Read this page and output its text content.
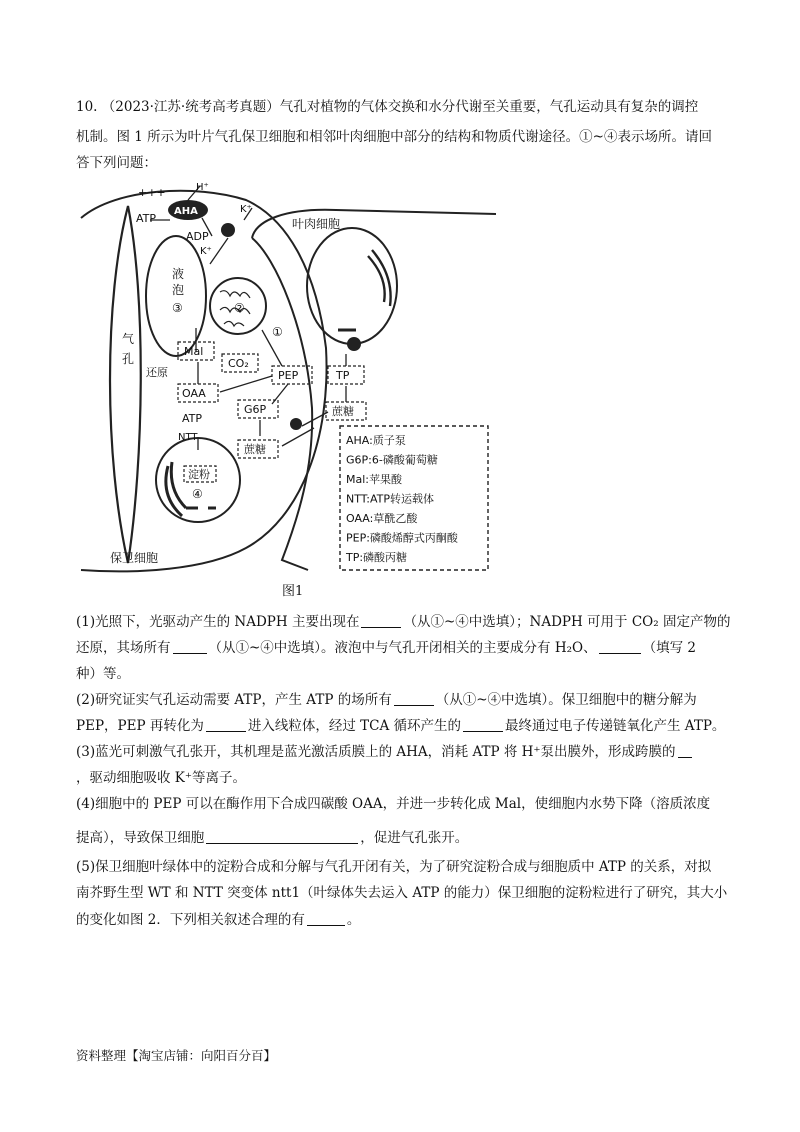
10. （2023·江苏·统考高考真题）气孔对植物的气体交换和水分代谢至关重要，气孔运动具有复杂的调控
机制。图 1 所示为叶片气孔保卫细胞和相邻叶肉细胞中部分的结构和物质代谢途径。①~④表示场所。请回
答下列问题：
叶肉细胞
保卫细胞
气
孔
液
泡
③
①
②
④
AHA
H⁺
K⁺
K⁺
+++
ATP
ADP
ATP
Mal
CO₂
PEP
还原
OAA
G6P
NTT
淀粉
蔗糖
蔗糖
TP
AHA:质子泵
G6P:6-磷酸葡萄糖
Mal:苹果酸
NTT:ATP转运载体
OAA:草酰乙酸
PEP:磷酸烯醇式丙酮酸
TP:磷酸丙糖
图1
(1)光照下，光驱动产生的 NADPH 主要出现在	（从①~④中选填）；NADPH 可用于 CO₂ 固定产物的
还原，其场所有	（从①~④中选填）。液泡中与气孔开闭相关的主要成分有 H₂O、	（填写 2
种）等。
(2)研究证实气孔运动需要 ATP，产生 ATP 的场所有	（从①~④中选填）。保卫细胞中的糖分解为
PEP，PEP 再转化为	进入线粒体，经过 TCA 循环产生的	最终通过电子传递链氧化产生 ATP。
(3)蓝光可刺激气孔张开，其机理是蓝光激活质膜上的 AHA，消耗 ATP 将 H⁺泵出膜外，形成跨膜的
，驱动细胞吸收 K⁺等离子。
(4)细胞中的 PEP 可以在酶作用下合成四碳酸 OAA，并进一步转化成 Mal，使细胞内水势下降（溶质浓度
提高），导致保卫细胞	，促进气孔张开。
(5)保卫细胞叶绿体中的淀粉合成和分解与气孔开闭有关，为了研究淀粉合成与细胞质中 ATP 的关系，对拟
南芥野生型 WT 和 NTT 突变体 ntt1（叶绿体失去运入 ATP 的能力）保卫细胞的淀粉粒进行了研究，其大小
的变化如图 2．下列相关叙述合理的有	。
资料整理【淘宝店铺：向阳百分百】
